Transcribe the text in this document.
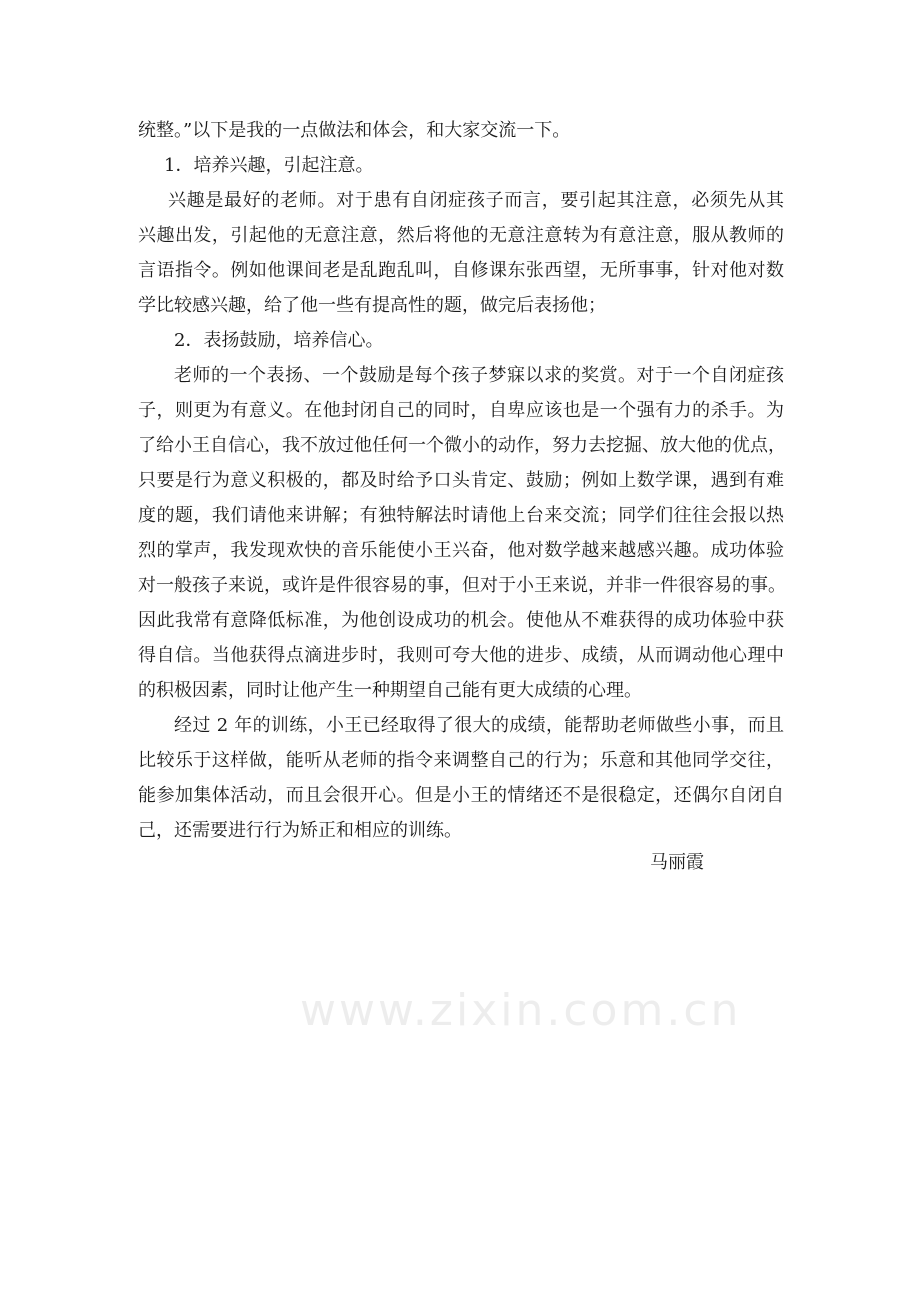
统整。”以下是我的一点做法和体会，和大家交流一下。
1．培养兴趣，引起注意。
兴趣是最好的老师。对于患有自闭症孩子而言，要引起其注意，必须先从其
兴趣出发，引起他的无意注意，然后将他的无意注意转为有意注意，服从教师的
言语指令。例如他课间老是乱跑乱叫，自修课东张西望，无所事事，针对他对数
学比较感兴趣，给了他一些有提高性的题，做完后表扬他；
2．表扬鼓励，培养信心。
老师的一个表扬、一个鼓励是每个孩子梦寐以求的奖赏。对于一个自闭症孩
子，则更为有意义。在他封闭自己的同时，自卑应该也是一个强有力的杀手。为
了给小王自信心，我不放过他任何一个微小的动作，努力去挖掘、放大他的优点，
只要是行为意义积极的，都及时给予口头肯定、鼓励；例如上数学课，遇到有难
度的题，我们请他来讲解；有独特解法时请他上台来交流；同学们往往会报以热
烈的掌声，我发现欢快的音乐能使小王兴奋，他对数学越来越感兴趣。成功体验
对一般孩子来说，或许是件很容易的事，但对于小王来说，并非一件很容易的事。
因此我常有意降低标准，为他创设成功的机会。使他从不难获得的成功体验中获
得自信。当他获得点滴进步时，我则可夸大他的进步、成绩，从而调动他心理中
的积极因素，同时让他产生一种期望自己能有更大成绩的心理。
经过 2 年的训练，小王已经取得了很大的成绩，能帮助老师做些小事，而且
比较乐于这样做，能听从老师的指令来调整自己的行为；乐意和其他同学交往，
能参加集体活动，而且会很开心。但是小王的情绪还不是很稳定，还偶尔自闭自
己，还需要进行行为矫正和相应的训练。
马丽霞
www.zixin.com.cn
